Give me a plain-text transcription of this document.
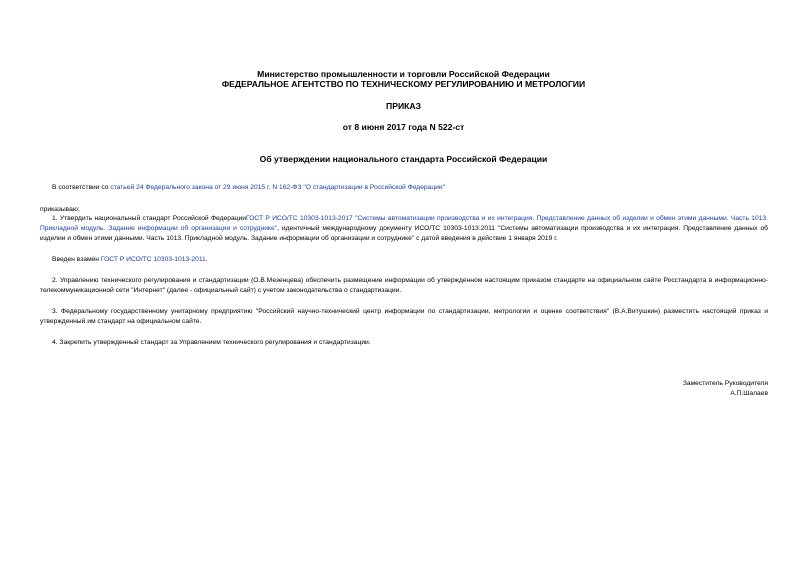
Министерство промышленности и торговли Российской Федерации
ФЕДЕРАЛЬНОЕ АГЕНТСТВО ПО ТЕХНИЧЕСКОМУ РЕГУЛИРОВАНИЮ И МЕТРОЛОГИИ
ПРИКАЗ
от 8 июня 2017 года N 522-ст
Об утверждении национального стандарта Российской Федерации
В соответствии со статьей 24 Федерального закона от 29 июня 2015 г. N 162-ФЗ "О стандартизации в Российской Федерации"
приказываю:
1. Утвердить национальный стандарт Российской ФедерацииГОСТ Р ИСО/ТС 10303-1013-2017 "Системы автоматизации производства и их интеграция. Представление данных об изделии и обмен этими данными. Часть 1013. Прикладной модуль. Задание информации об организации и сотруднике", идентичный международному документу ИСО/ТС 10303-1013:2011 "Системы автоматизации производства и их интеграция. Представление данных об изделии и обмен этими данными. Часть 1013. Прикладной модуль. Задание информации об организации и сотруднике" с датой введения в действие 1 января 2019 г.
Введен взамен ГОСТ Р ИСО/ТС 10303-1013-2011.
2. Управлению технического регулирования и стандартизации (О.В.Мезенцева) обеспечить размещение информации об утвержденном настоящим приказом стандарте на официальном сайте Росстандарта в информационно-телекоммуникационной сети "Интернет" (далее - официальный сайт) с учетом законодательства о стандартизации.
3. Федеральному государственному унитарному предприятию "Российский научно-технический центр информации по стандартизации, метрологии и оценке соответствия" (В.А.Витушкин) разместить настоящий приказ и утвержденный им стандарт на официальном сайте.
4. Закрепить утвержденный стандарт за Управлением технического регулирования и стандартизации.
Заместитель Руководителя
А.П.Шалаев
